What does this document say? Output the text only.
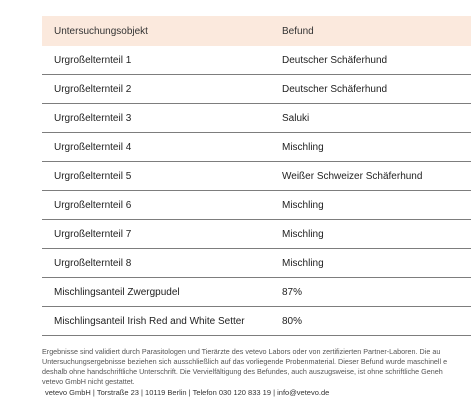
Untersuchungsobjekt	Befund
Urgroßelternteil 1	Deutscher Schäferhund
Urgroßelternteil 2	Deutscher Schäferhund
Urgroßelternteil 3	Saluki
Urgroßelternteil 4	Mischling
Urgroßelternteil 5	Weißer Schweizer Schäferhund
Urgroßelternteil 6	Mischling
Urgroßelternteil 7	Mischling
Urgroßelternteil 8	Mischling
Mischlingsanteil Zwergpudel	87%
Mischlingsanteil Irish Red and White Setter	80%
Ergebnisse sind validiert durch Parasitologen und Tierärzte des vetevo Labors oder von zertifizierten Partner-Laboren. Die au
Untersuchungsergebnisse beziehen sich ausschließlich auf das vorliegende Probenmaterial. Dieser Befund wurde maschinell e
deshalb ohne handschriftliche Unterschrift. Die Vervielfältigung des Befundes, auch auszugsweise, ist ohne schriftliche Geneh
vetevo GmbH nicht gestattet.
vetevo GmbH | Torstraße 23 | 10119 Berlin | Telefon 030 120 833 19 | info@vetevo.de
